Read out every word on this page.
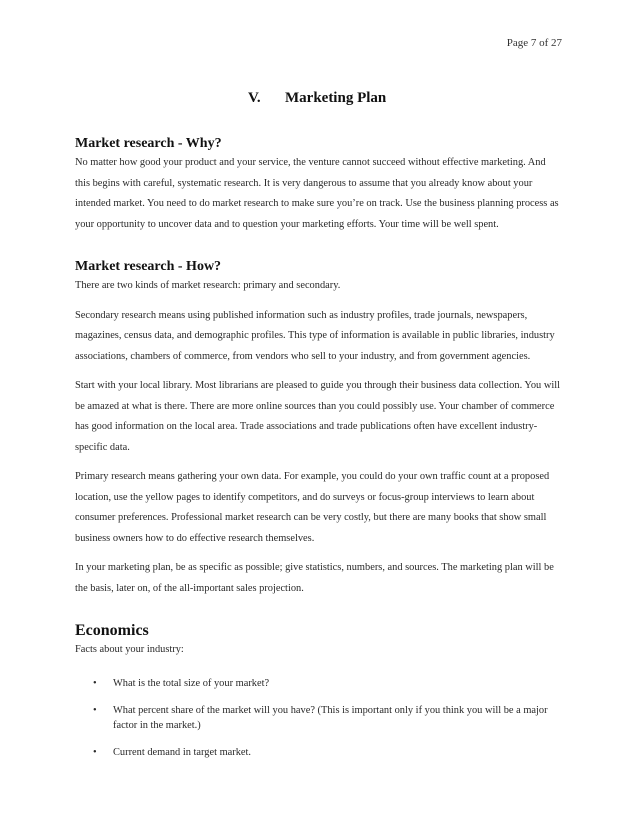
Page 7 of 27
V. Marketing Plan
Market research - Why?

No matter how good your product and your service, the venture cannot succeed without effective marketing. And this begins with careful, systematic research. It is very dangerous to assume that you already know about your intended market. You need to do market research to make sure you’re on track. Use the business planning process as your opportunity to uncover data and to question your marketing efforts. Your time will be well spent.

Market research - How?

There are two kinds of market research: primary and secondary.

Secondary research means using published information such as industry profiles, trade journals, newspapers, magazines, census data, and demographic profiles. This type of information is available in public libraries, industry associations, chambers of commerce, from vendors who sell to your industry, and from government agencies.

Start with your local library. Most librarians are pleased to guide you through their business data collection. You will be amazed at what is there. There are more online sources than you could possibly use. Your chamber of commerce has good information on the local area. Trade associations and trade publications often have excellent industry-specific data.

Primary research means gathering your own data. For example, you could do your own traffic count at a proposed location, use the yellow pages to identify competitors, and do surveys or focus-group interviews to learn about consumer preferences. Professional market research can be very costly, but there are many books that show small business owners how to do effective research themselves.

In your marketing plan, be as specific as possible; give statistics, numbers, and sources. The marketing plan will be the basis, later on, of the all-important sales projection.

Economics

Facts about your industry:

• What is the total size of your market?
• What percent share of the market will you have? (This is important only if you think you will be a major factor in the market.)
• Current demand in target market.
